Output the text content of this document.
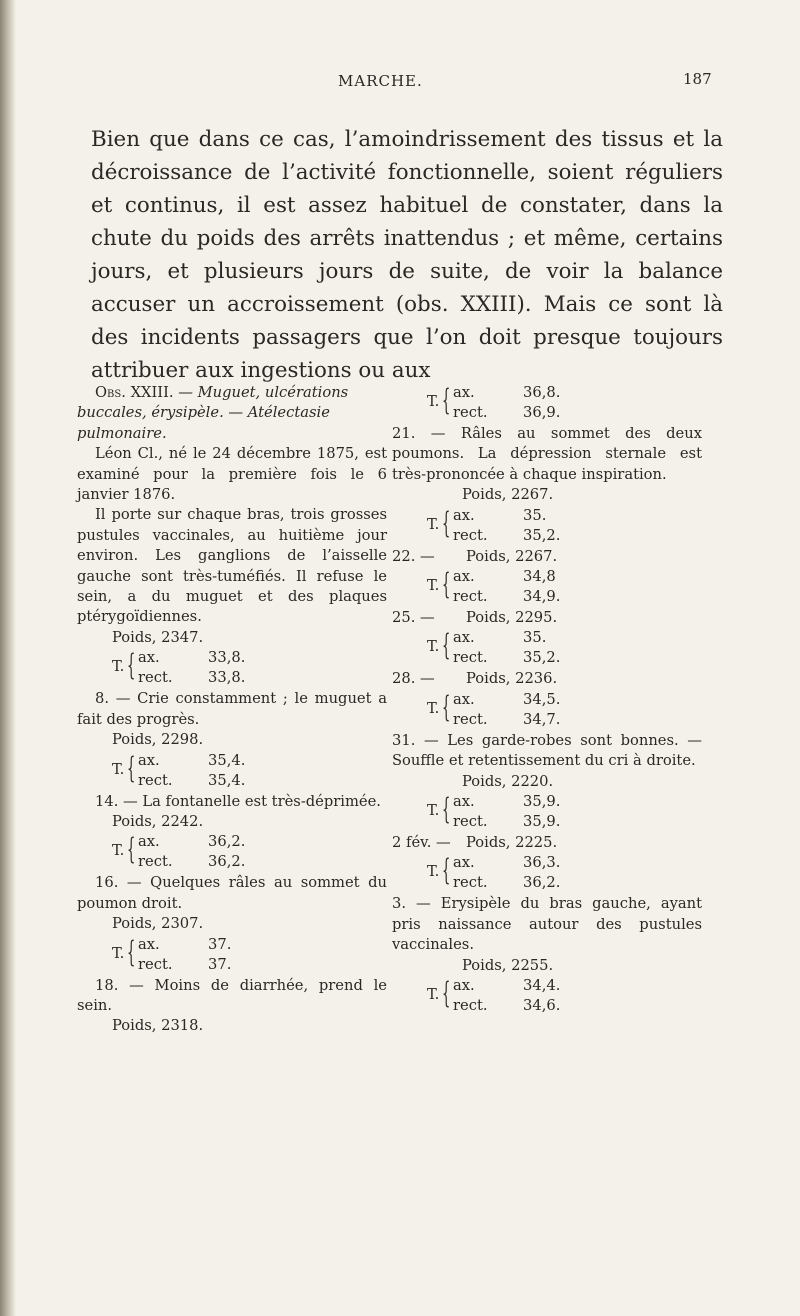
MARCHE.	187

Bien que dans ce cas, l’amoindrissement des tissus et la décroissance de l’activité fonctionnelle, soient réguliers et continus, il est assez habituel de constater, dans la chute du poids des arrêts inattendus ; et même, certains jours, et plusieurs jours de suite, de voir la balance accuser un accroissement (obs. XXIII). Mais ce sont là des incidents passagers que l’on doit presque toujours attribuer aux ingestions ou aux

Obs. XXIII. — Muguet, ulcérations buccales, érysipèle. — Atélectasie pulmonaire.

Léon Cl., né le 24 décembre 1875, est examiné pour la première fois le 6 janvier 1876.

Il porte sur chaque bras, trois grosses pustules vaccinales, au huitième jour environ. Les ganglions de l’aisselle gauche sont très-tuméfiés. Il refuse le sein, a du muguet et des plaques ptérygoïdiennes.

Poids, 2347.

T. { ax.	33,8.
rect.	33,8.

8. — Crie constamment ; le muguet a fait des progrès.

Poids, 2298.

T. { ax.	35,4.
rect.	35,4.

14. — La fontanelle est très-déprimée.

Poids, 2242.

T. { ax.	36,2.
rect.	36,2.

16. — Quelques râles au sommet du poumon droit.

Poids, 2307.

T. { ax.	37.
rect.	37.

18. — Moins de diarrhée, prend le sein.

Poids, 2318.

T. { ax.	36,8.
rect.	36,9.

21. — Râles au sommet des deux poumons. La dépression sternale est très-prononcée à chaque inspiration.

Poids, 2267.

T. { ax.	35.
rect.	35,2.

22. —	Poids, 2267.

T. { ax.	34,8
rect.	34,9.

25. —	Poids, 2295.

T. { ax.	35.
rect.	35,2.

28. —	Poids, 2236.

T. { ax.	34,5.
rect.	34,7.

31. — Les garde-robes sont bonnes. — Souffle et retentissement du cri à droite.

Poids, 2220.

T. { ax.	35,9.
rect.	35,9.

2 fév. —	Poids, 2225.

T. { ax.	36,3.
rect.	36,2.

3. — Erysipèle du bras gauche, ayant pris naissance autour des pustules vaccinales.

Poids, 2255.

T. { ax.	34,4.
rect.	34,6.
